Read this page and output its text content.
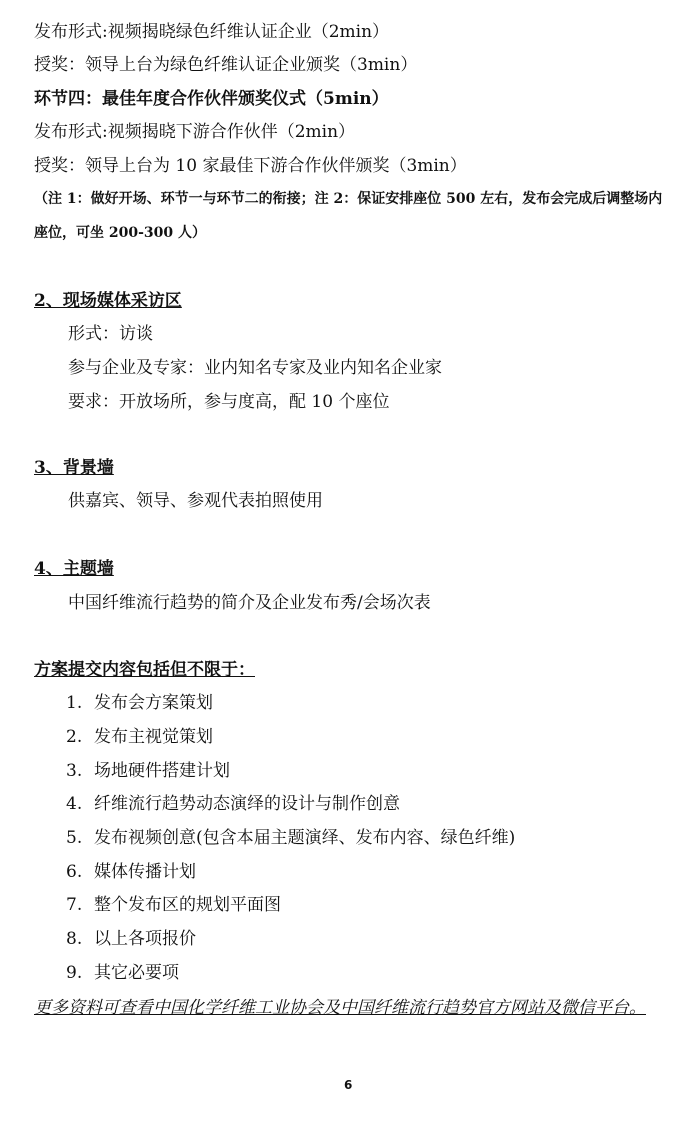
发布形式:视频揭晓绿色纤维认证企业（2min）
授奖：领导上台为绿色纤维认证企业颁奖（3min）
环节四：最佳年度合作伙伴颁奖仪式（5min）
发布形式:视频揭晓下游合作伙伴（2min）
授奖：领导上台为 10 家最佳下游合作伙伴颁奖（3min）
（注 1：做好开场、环节一与环节二的衔接；注 2：保证安排座位 500 左右，发布会完成后调整场内座位，可坐 200-300 人）
2、现场媒体采访区
形式：访谈
参与企业及专家：业内知名专家及业内知名企业家
要求：开放场所，参与度高，配 10 个座位
3、背景墙
供嘉宾、领导、参观代表拍照使用
4、主题墙
中国纤维流行趋势的简介及企业发布秀/会场次表
方案提交内容包括但不限于：
1. 发布会方案策划
2. 发布主视觉策划
3. 场地硬件搭建计划
4. 纤维流行趋势动态演绎的设计与制作创意
5. 发布视频创意(包含本届主题演绎、发布内容、绿色纤维)
6. 媒体传播计划
7. 整个发布区的规划平面图
8. 以上各项报价
9. 其它必要项
更多资料可查看中国化学纤维工业协会及中国纤维流行趋势官方网站及微信平台。
6
